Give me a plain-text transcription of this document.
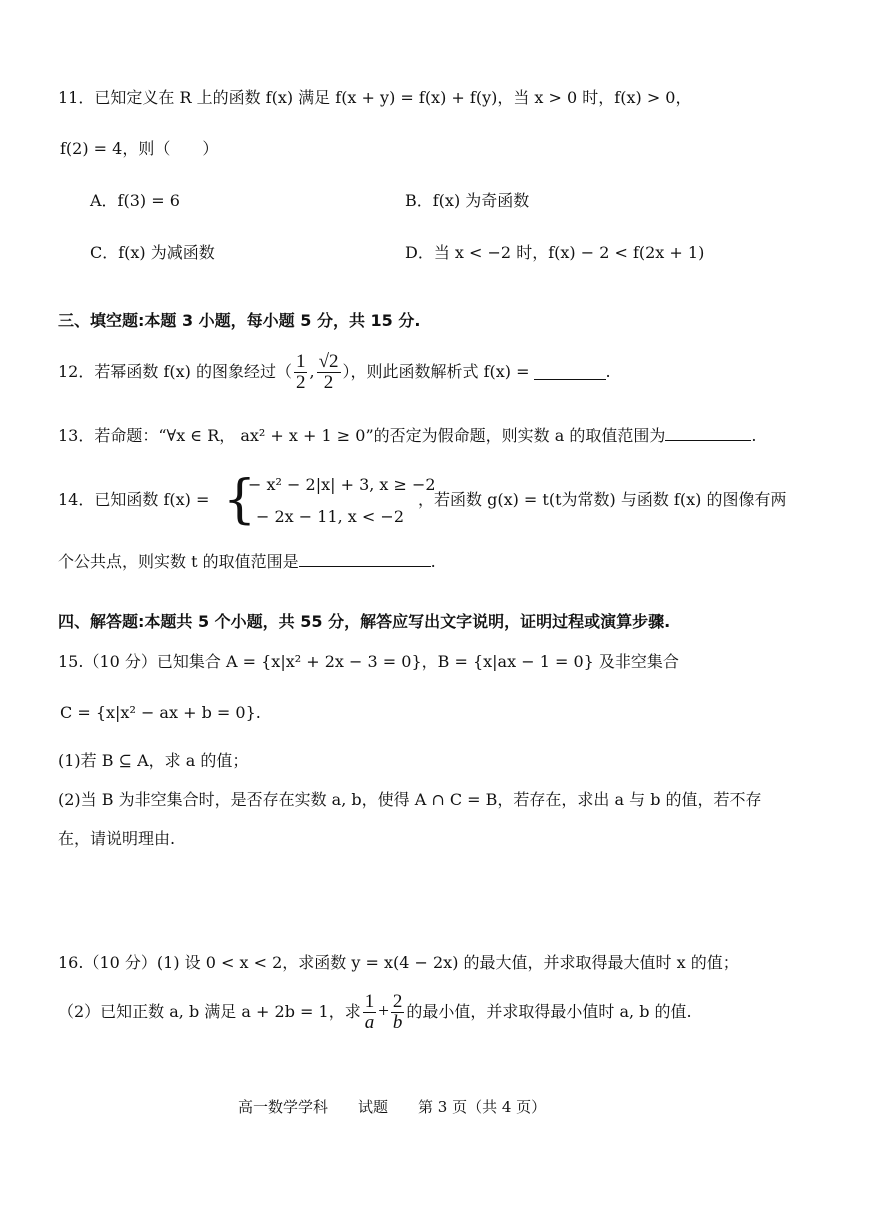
11．已知定义在 R 上的函数 f(x) 满足 f(x + y) = f(x) + f(y)，当 x > 0 时，f(x) > 0，
f(2) = 4，则（　　）
A．f(3) = 6	B．f(x) 为奇函数
C．f(x) 为减函数	D．当 x < −2 时，f(x) − 2 < f(2x + 1)
三、填空题:本题 3 小题，每小题 5 分，共 15 分.
12．若幂函数 f(x) 的图象经过（ $\frac{1}{2}$ , $\frac{√2}{2}$ ），则此函数解析式 f(x) =	.
13．若命题：“∀x ∈ R， ax² + x + 1 ≥ 0”的否定为假命题，则实数 a 的取值范围为	.
14．已知函数 f(x) = {
− x² − 2|x| + 3, x ≥ −2
− 2x − 11, x < −2
，若函数 g(x) = t(t为常数) 与函数 f(x) 的图像有两
个公共点，则实数 t 的取值范围是	.
四、解答题:本题共 5 个小题，共 55 分，解答应写出文字说明，证明过程或演算步骤.
15.（10 分）已知集合 A = {x|x² + 2x − 3 = 0}，B = {x|ax − 1 = 0} 及非空集合
C = {x|x² − ax + b = 0}.
(1)若 B ⊆ A，求 a 的值；
(2)当 B 为非空集合时，是否存在实数 a, b，使得 A ∩ C = B，若存在，求出 a 与 b 的值，若不存
在，请说明理由.
16.（10 分）(1) 设 0 < x < 2，求函数 y = x(4 − 2x) 的最大值，并求取得最大值时 x 的值；
（2）已知正数 a, b 满足 a + 2b = 1，求 $\frac{1}{a} + \frac{2}{b}$ 的最小值，并求取得最小值时 a, b 的值.
高一数学学科　　试题　　第 3 页（共 4 页）
